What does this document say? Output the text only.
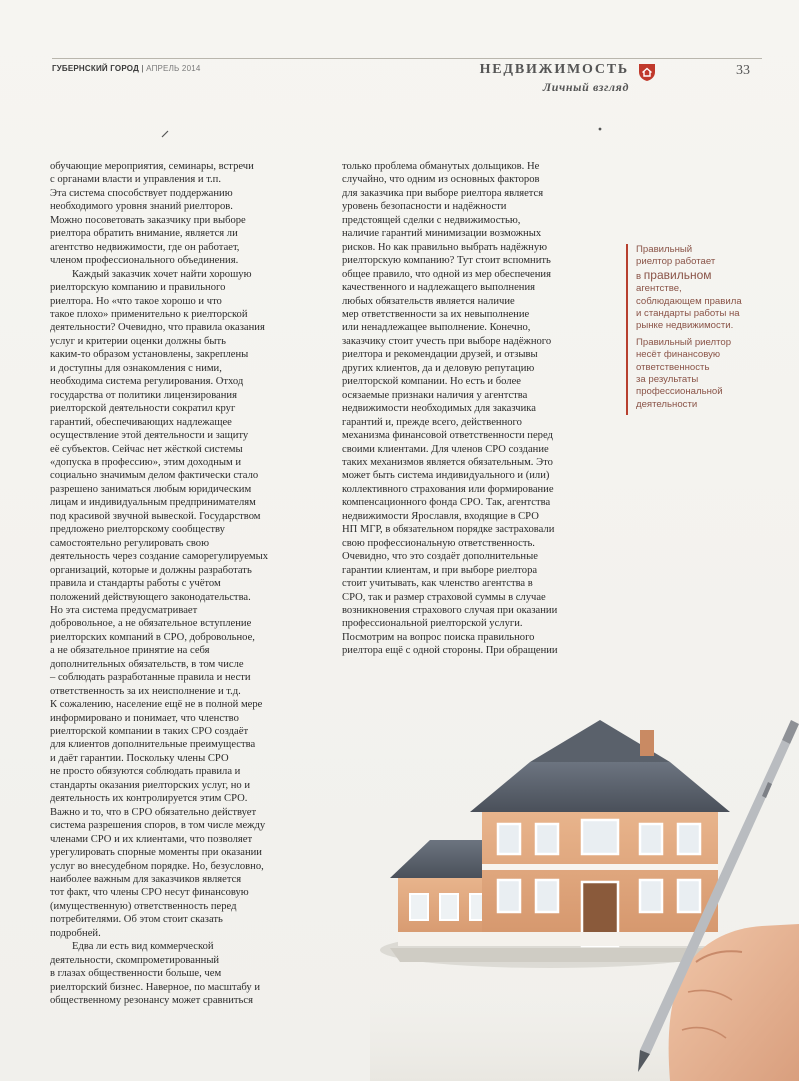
ГУБЕРНСКИЙ ГОРОД | АПРЕЛЬ 2014	НЕДВИЖИМОСТЬ
Личный взгляд
33

обучающие мероприятия, семинары, встречи
с органами власти и управления и т.п.
Эта система способствует поддержанию
необходимого уровня знаний риелторов.
Можно посоветовать заказчику при выборе
риелтора обратить внимание, является ли
агентство недвижимости, где он работает,
членом профессионального объединения.

Каждый заказчик хочет найти хорошую
риелторскую компанию и правильного
риелтора. Но «что такое хорошо и что
такое плохо» применительно к риелторской
деятельности? Очевидно, что правила оказания
услуг и критерии оценки должны быть
каким-то образом установлены, закреплены
и доступны для ознакомления с ними,
необходима система регулирования. Отход
государства от политики лицензирования
риелторской деятельности сократил круг
гарантий, обеспечивающих надлежащее
осуществление этой деятельности и защиту
её субъектов. Сейчас нет жёсткой системы
«допуска в профессию», этим доходным и
социально значимым делом фактически стало
разрешено заниматься любым юридическим
лицам и индивидуальным предпринимателям
под красивой звучной вывеской. Государством
предложено риелторскому сообществу
самостоятельно регулировать свою
деятельность через создание саморегулируемых
организаций, которые и должны разработать
правила и стандарты работы с учётом
положений действующего законодательства.
Но эта система предусматривает
добровольное, а не обязательное вступление
риелторских компаний в СРО, добровольное,
а не обязательное принятие на себя
дополнительных обязательств, в том числе
– соблюдать разработанные правила и нести
ответственность за их неисполнение и т.д.
К сожалению, население ещё не в полной мере
информировано и понимает, что членство
риелторской компании в таких СРО создаёт
для клиентов дополнительные преимущества
и даёт гарантии. Поскольку члены СРО
не просто обязуются соблюдать правила и
стандарты оказания риелторских услуг, но и
деятельность их контролируется этим СРО.
Важно и то, что в СРО обязательно действует
система разрешения споров, в том числе между
членами СРО и их клиентами, что позволяет
урегулировать спорные моменты при оказании
услуг во внесудебном порядке. Но, безусловно,
наиболее важным для заказчиков является
тот факт, что члены СРО несут финансовую
(имущественную) ответственность перед
потребителями. Об этом стоит сказать
подробней.

Едва ли есть вид коммерческой
деятельности, скомпрометированный
в глазах общественности больше, чем
риелторский бизнес. Наверное, по масштабу и
общественному резонансу может сравниться

только проблема обманутых дольщиков. Не
случайно, что одним из основных факторов
для заказчика при выборе риелтора является
уровень безопасности и надёжности
предстоящей сделки с недвижимостью,
наличие гарантий минимизации возможных
рисков. Но как правильно выбрать надёжную
риелторскую компанию? Тут стоит вспомнить
общее правило, что одной из мер обеспечения
качественного и надлежащего выполнения
любых обязательств является наличие
мер ответственности за их невыполнение
или ненадлежащее выполнение. Конечно,
заказчику стоит учесть при выборе надёжного
риелтора и рекомендации друзей, и отзывы
других клиентов, да и деловую репутацию
риелторской компании. Но есть и более
осязаемые признаки наличия у агентства
недвижимости необходимых для заказчика
гарантий и, прежде всего, действенного
механизма финансовой ответственности перед
своими клиентами. Для членов СРО создание
таких механизмов является обязательным. Это
может быть система индивидуального и (или)
коллективного страхования или формирование
компенсационного фонда СРО. Так, агентства
недвижимости Ярославля, входящие в СРО
НП МГР, в обязательном порядке застраховали
свою профессиональную ответственность.
Очевидно, что это создаёт дополнительные
гарантии клиентам, и при выборе риелтора
стоит учитывать, как членство агентства в
СРО, так и размер страховой суммы в случае
возникновения страхового случая при оказании
профессиональной риелторской услуги.
Посмотрим на вопрос поиска правильного
риелтора ещё с одной стороны. При обращении

Правильный
риелтор работает
в правильном
агентстве,
соблюдающем правила
и стандарты работы на
рынке недвижимости.

Правильный риелтор
несёт финансовую
ответственность
за результаты
профессиональной
деятельности
